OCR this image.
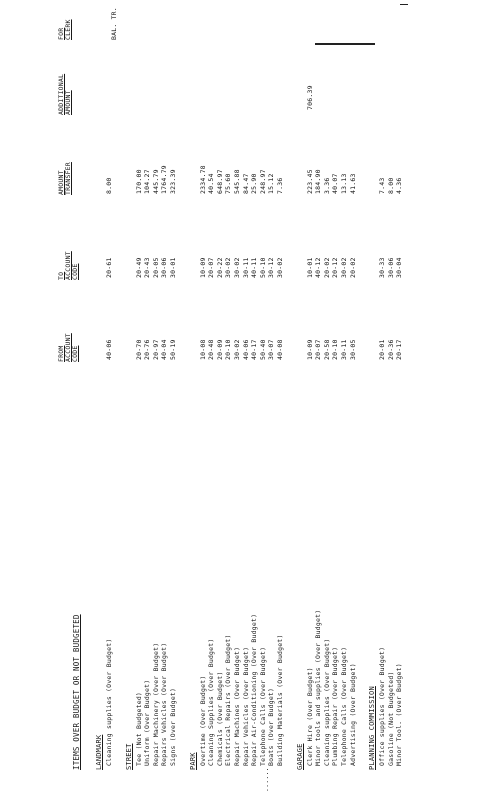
ITEMS OVER BUDGET OR NOT BUDGETED
FROM ACCOUNT CODE
TO ACCOUNT CODE
AMOUNT TRANSFER
ADDITIONAL AMOUNT
FOR CLERK	BAL. TR.
LANDMARK Cleaning supplies (Over Budget)
40-06
20-61
8.00
STREET Tee (Not Budgeted)
20-70
20-49
170.00
Uniform (Over Budget)
20-76
20-43
104.27
Repair Machinery (Over Budget)
20-97
20-05
445.79
Repairs Vehicles (Over Budget)
40-04
30-06
1764.79
Signs (Over Budget)
50-19
30-01
323.39
PARK Overtime (Over Budget)
10-08
10-09
2334.78
Cleaning Supplies (Over Budget)
20-48
20-07
40.54
Chemicals (Over Budget)
20-09
20-22
648.97
Electrical Repairs (Over Budget)
20-10
30-02
75.60
Repair Machines (Over Budget)
30-02
30-02
545.88
Repair Vehicles (Over Budget)
40-06
30-11
84.47
Repair Air-Conditioning (Over Budget)
40-17
40-11
25.90
Telephone Calls (Over Budget)
50-40
50-10
248.97
Boats (Over Budget)
30-07
30-12
15.12
Building Materials (Over Budget)
40-08
30-02
7.36
GARAGE Clerk Hire (Over Budget)
10-09
10-01
223.45
706.39
Minor tools and supplies (Over Budget)
20-07
40-12
184.90
Cleaning supplies (Over Budget)
20-58
20-02
3.36
Plumbing Repair (Over Budget)
20-10
20-12
40.07
Telephone Calls (Over Budget)
30-11
30-02
13.13
Advertising (Over Budget)
30-05
20-02
41.63
PLANNING COMMISSION Office supplies (Over Budget)
20-01
30-33
7.43
Gasoline (Not Budgeted)
20-36
30-06
8.00
Minor Tool. (Over Budget)
20-17
30-04
4.36
......
